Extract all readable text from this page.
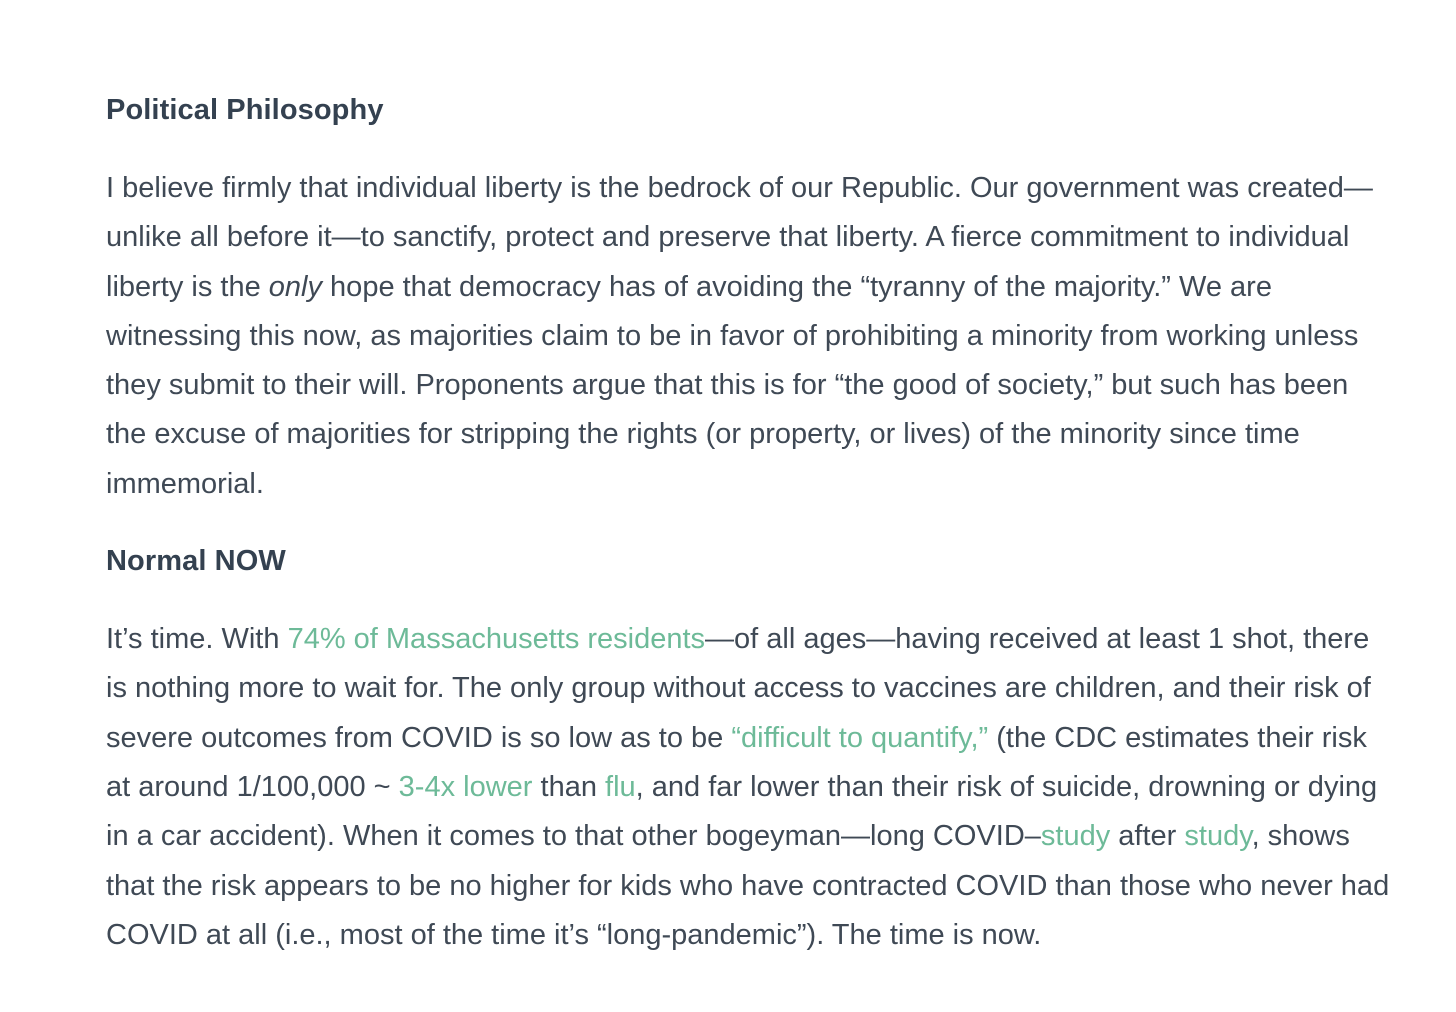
Political Philosophy

I believe firmly that individual liberty is the bedrock of our Republic. Our government was created—unlike all before it—to sanctify, protect and preserve that liberty. A fierce commitment to individual liberty is the only hope that democracy has of avoiding the “tyranny of the majority.” We are witnessing this now, as majorities claim to be in favor of prohibiting a minority from working unless they submit to their will. Proponents argue that this is for “the good of society,” but such has been the excuse of majorities for stripping the rights (or property, or lives) of the minority since time immemorial.

Normal NOW

It’s time. With 74% of Massachusetts residents—of all ages—having received at least 1 shot, there is nothing more to wait for. The only group without access to vaccines are children, and their risk of severe outcomes from COVID is so low as to be “difficult to quantify,” (the CDC estimates their risk at around 1/100,000 ~ 3-4x lower than flu, and far lower than their risk of suicide, drowning or dying in a car accident). When it comes to that other bogeyman—long COVID–study after study, shows that the risk appears to be no higher for kids who have contracted COVID than those who never had COVID at all (i.e., most of the time it’s “long-pandemic”). The time is now.
